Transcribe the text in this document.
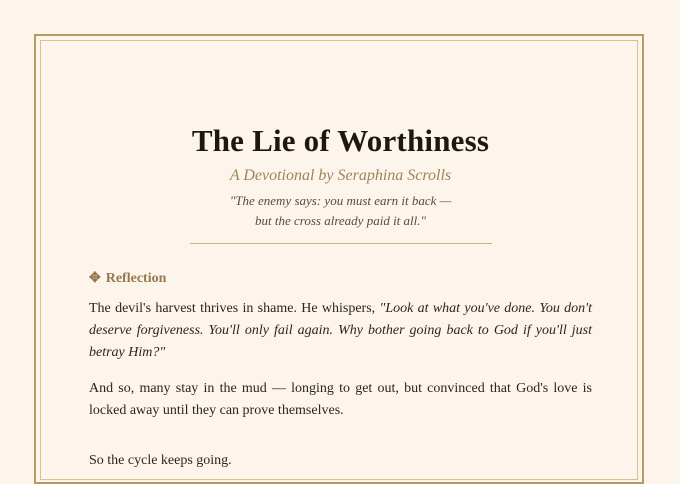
The Lie of Worthiness
A Devotional by Seraphina Scrolls
"The enemy says: you must earn it back —
but the cross already paid it all."
✥ Reflection

The devil's harvest thrives in shame. He whispers, "Look at what you've done. You don't deserve forgiveness. You'll only fail again. Why bother going back to God if you'll just betray Him?"

And so, many stay in the mud — longing to get out, but convinced that God's love is locked away until they can prove themselves.

So the cycle keeps going.
